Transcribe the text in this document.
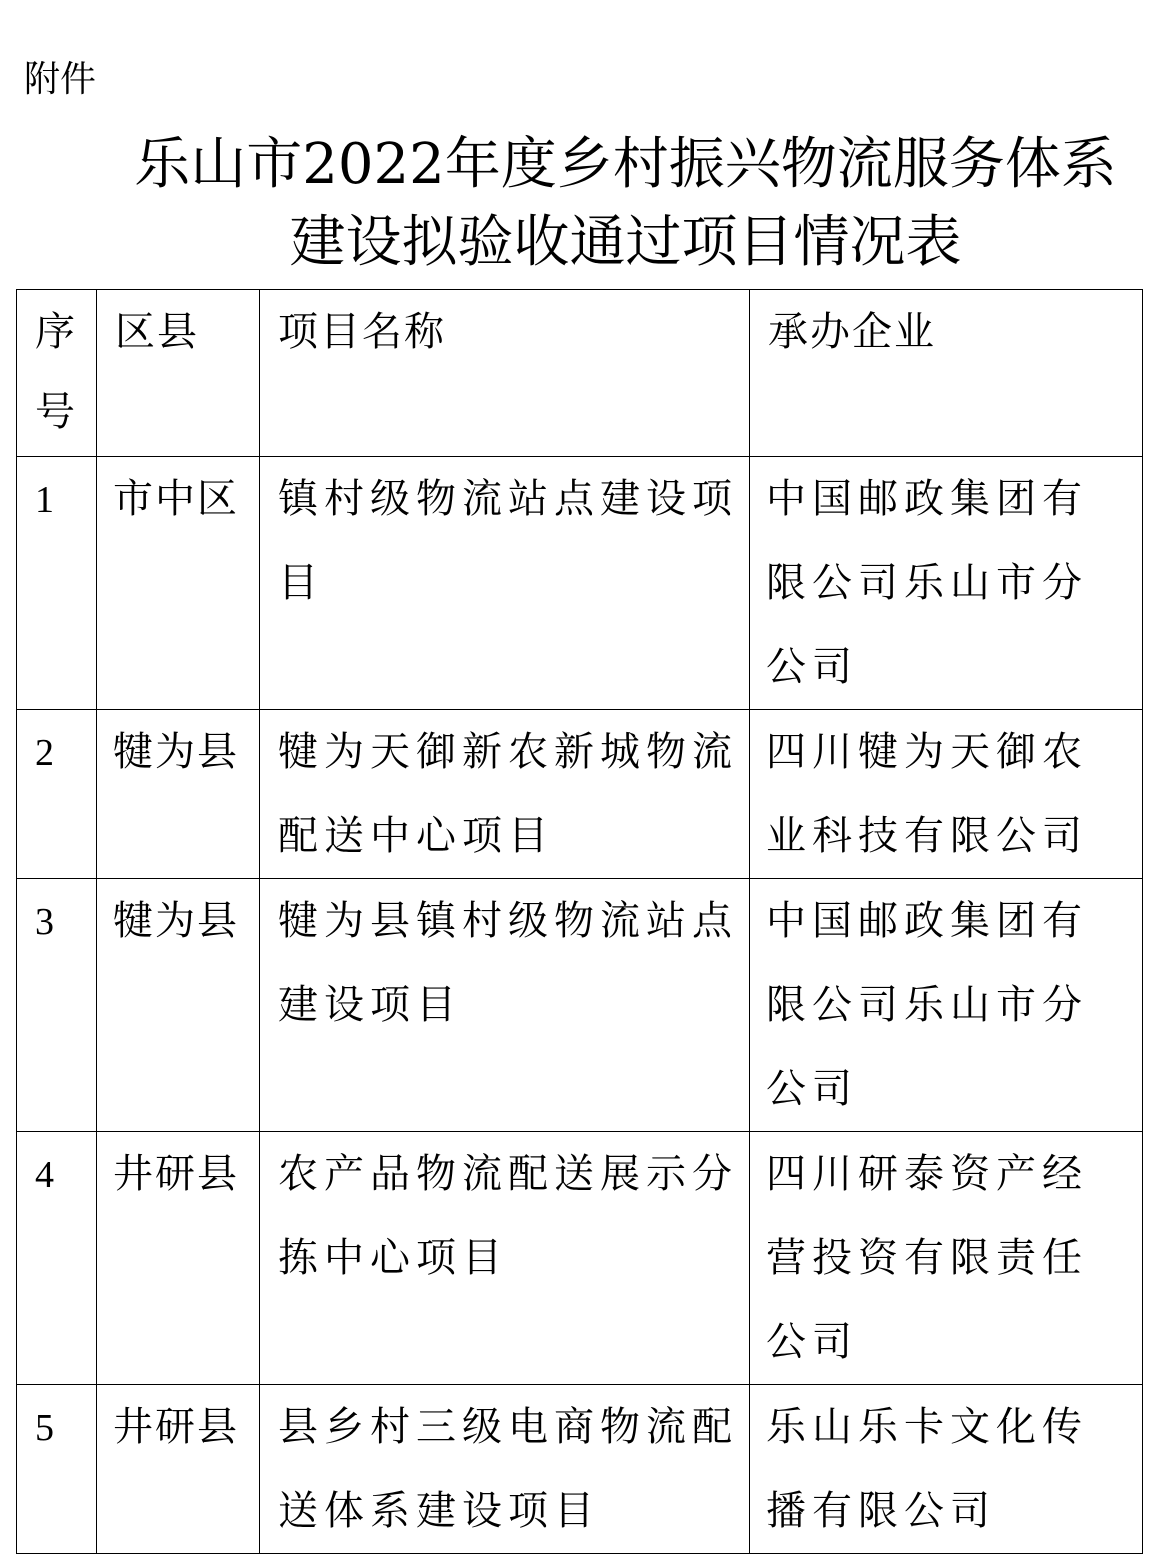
附件
乐山市2022年度乡村振兴物流服务体系
建设拟验收通过项目情况表
序号	区县	项目名称	承办企业
1	市中区	镇村级物流站点建设项目	中国邮政集团有限公司乐山市分公司
2	犍为县	犍为天御新农新城物流配送中心项目	四川犍为天御农业科技有限公司
3	犍为县	犍为县镇村级物流站点建设项目	中国邮政集团有限公司乐山市分公司
4	井研县	农产品物流配送展示分拣中心项目	四川研泰资产经营投资有限责任公司
5	井研县	县乡村三级电商物流配送体系建设项目	乐山乐卡文化传播有限公司
